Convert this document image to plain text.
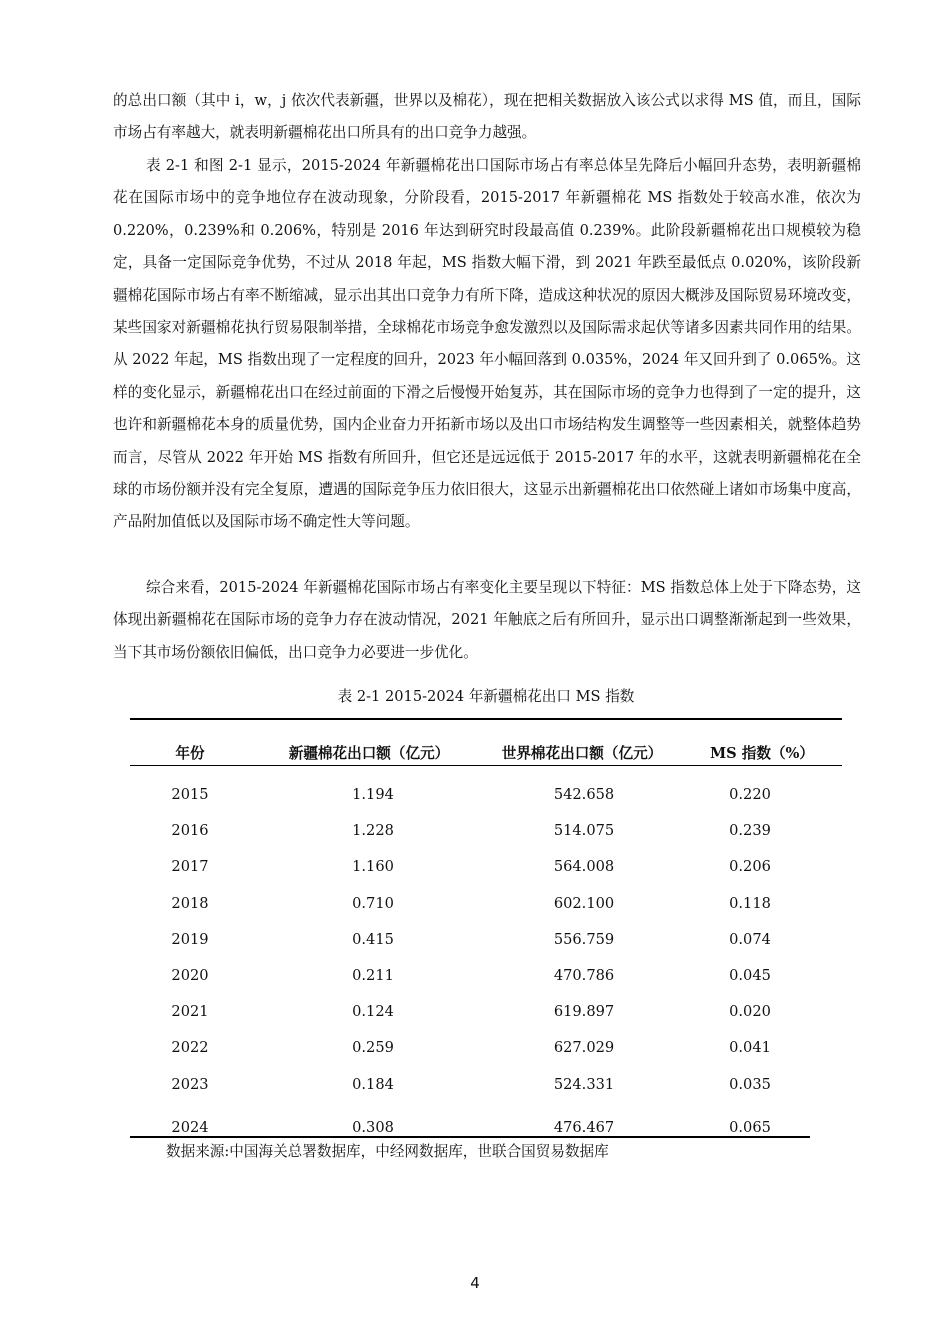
的总出口额（其中 i，w，j 依次代表新疆，世界以及棉花），现在把相关数据放入该公式以求得 MS 值，而且，国际市场占有率越大，就表明新疆棉花出口所具有的出口竞争力越强。

表 2-1 和图 2-1 显示，2015-2024 年新疆棉花出口国际市场占有率总体呈先降后小幅回升态势，表明新疆棉花在国际市场中的竞争地位存在波动现象，分阶段看，2015-2017 年新疆棉花 MS 指数处于较高水准，依次为 0.220%，0.239%和 0.206%，特别是 2016 年达到研究时段最高值 0.239%。此阶段新疆棉花出口规模较为稳定，具备一定国际竞争优势，不过从 2018 年起，MS 指数大幅下滑，到 2021 年跌至最低点 0.020%，该阶段新疆棉花国际市场占有率不断缩减，显示出其出口竞争力有所下降，造成这种状况的原因大概涉及国际贸易环境改变，某些国家对新疆棉花执行贸易限制举措，全球棉花市场竞争愈发激烈以及国际需求起伏等诸多因素共同作用的结果。从 2022 年起，MS 指数出现了一定程度的回升，2023 年小幅回落到 0.035%，2024 年又回升到了 0.065%。这样的变化显示，新疆棉花出口在经过前面的下滑之后慢慢开始复苏，其在国际市场的竞争力也得到了一定的提升，这也许和新疆棉花本身的质量优势，国内企业奋力开拓新市场以及出口市场结构发生调整等一些因素相关，就整体趋势而言，尽管从 2022 年开始 MS 指数有所回升，但它还是远远低于 2015-2017 年的水平，这就表明新疆棉花在全球的市场份额并没有完全复原，遭遇的国际竞争压力依旧很大，这显示出新疆棉花出口依然碰上诸如市场集中度高，产品附加值低以及国际市场不确定性大等问题。

综合来看，2015-2024 年新疆棉花国际市场占有率变化主要呈现以下特征：MS 指数总体上处于下降态势，这体现出新疆棉花在国际市场的竞争力存在波动情况，2021 年触底之后有所回升，显示出口调整渐渐起到一些效果，当下其市场份额依旧偏低，出口竞争力必要进一步优化。

表 2-1 2015-2024 年新疆棉花出口 MS 指数
年份	新疆棉花出口额（亿元）	世界棉花出口额（亿元）	MS 指数（%）
2015	1.194	542.658	0.220
2016	1.228	514.075	0.239
2017	1.160	564.008	0.206
2018	0.710	602.100	0.118
2019	0.415	556.759	0.074
2020	0.211	470.786	0.045
2021	0.124	619.897	0.020
2022	0.259	627.029	0.041
2023	0.184	524.331	0.035
2024	0.308	476.467	0.065
数据来源:中国海关总署数据库，中经网数据库，世联合国贸易数据库
4
